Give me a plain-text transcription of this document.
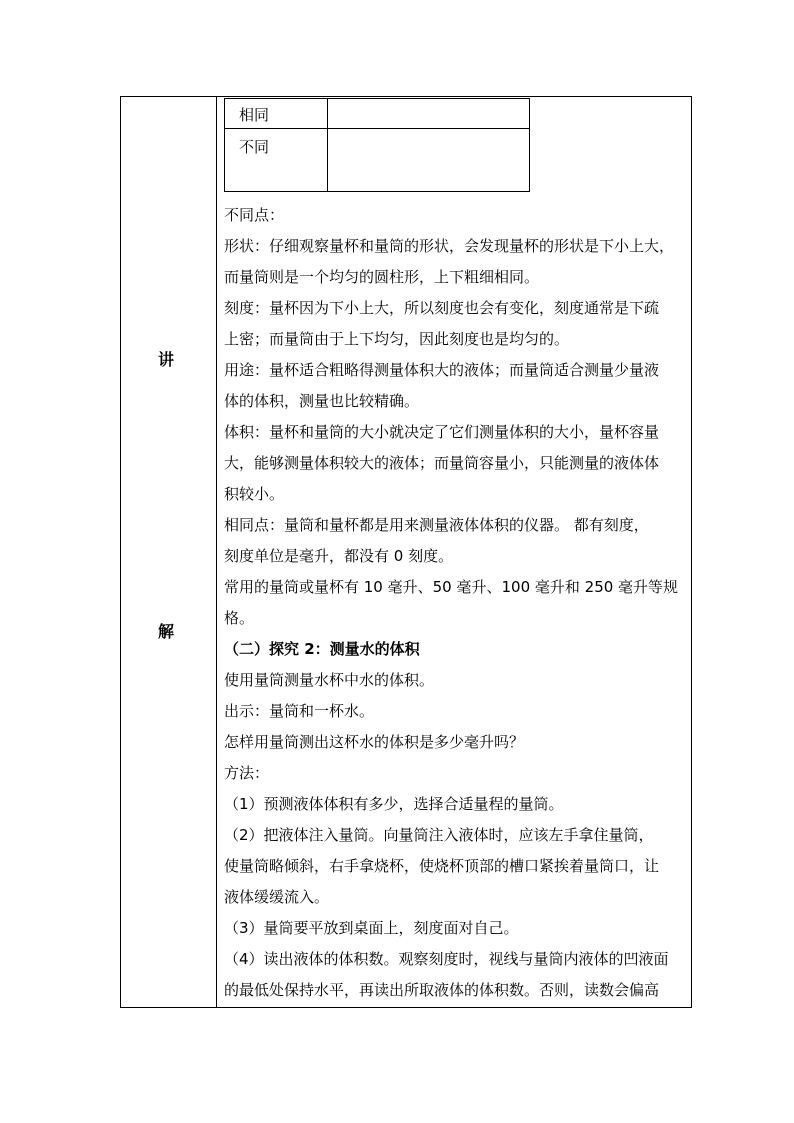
讲
解
相同
不同

不同点：

形状：仔细观察量杯和量筒的形状，会发现量杯的形状是下小上大，

而量筒则是一个均匀的圆柱形，上下粗细相同。

刻度：量杯因为下小上大，所以刻度也会有变化，刻度通常是下疏

上密；而量筒由于上下均匀，因此刻度也是均匀的。

用途：量杯适合粗略得测量体积大的液体；而量筒适合测量少量液

体的体积，测量也比较精确。

体积：量杯和量筒的大小就决定了它们测量体积的大小，量杯容量

大，能够测量体积较大的液体；而量筒容量小，只能测量的液体体

积较小。

相同点：量筒和量杯都是用来测量液体体积的仪器。 都有刻度，

刻度单位是毫升，都没有 0 刻度。

常用的量筒或量杯有 10 毫升、50 毫升、100 毫升和 250 毫升等规

格。

（二）探究 2：测量水的体积

使用量筒测量水杯中水的体积。

出示：量筒和一杯水。

怎样用量筒测出这杯水的体积是多少毫升吗？

方法：

（1）预测液体体积有多少，选择合适量程的量筒。

（2）把液体注入量筒。向量筒注入液体时，应该左手拿住量筒，

使量筒略倾斜，右手拿烧杯，使烧杯顶部的槽口紧挨着量筒口，让

液体缓缓流入。

（3）量筒要平放到桌面上，刻度面对自己。

（4）读出液体的体积数。观察刻度时，视线与量筒内液体的凹液面

的最低处保持水平，再读出所取液体的体积数。否则，读数会偏高
